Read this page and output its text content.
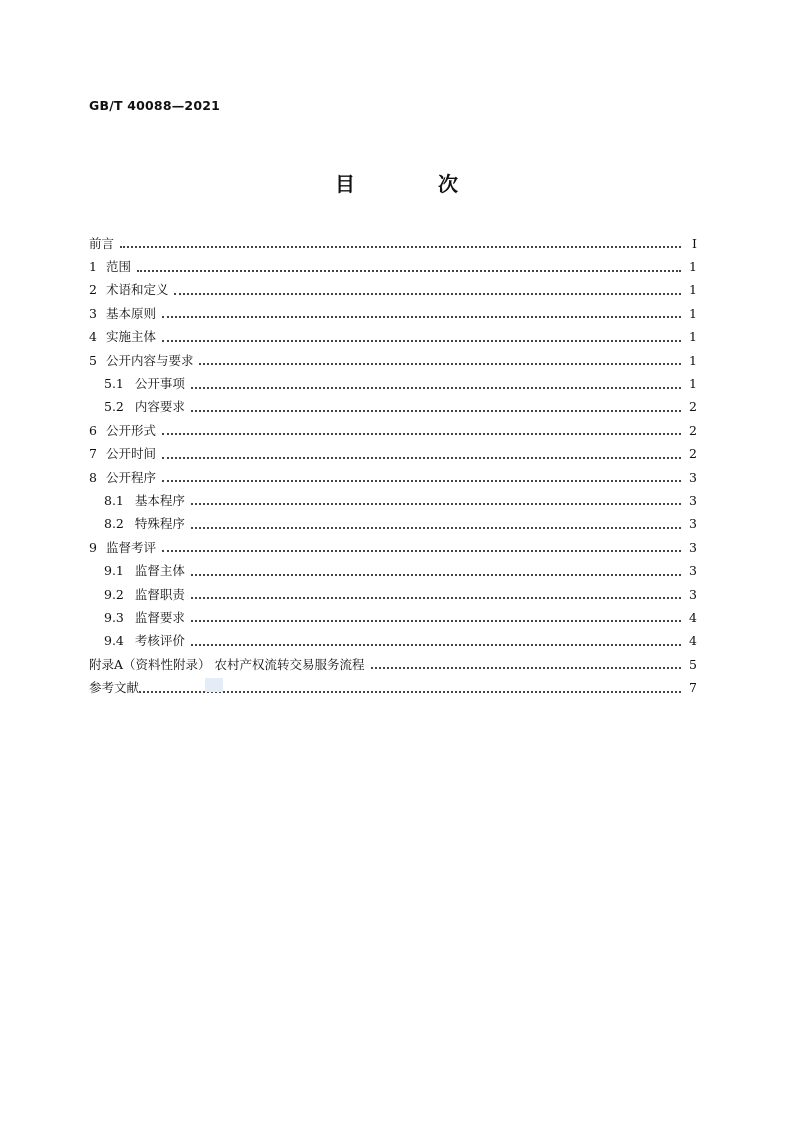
GB/T 40088—2021
目 次
前言	Ⅰ
1 范围	1
2 术语和定义	1
3 基本原则	1
4 实施主体	1
5 公开内容与要求	1
5.1 公开事项	1
5.2 内容要求	2
6 公开形式	2
7 公开时间	2
8 公开程序	3
8.1 基本程序	3
8.2 特殊程序	3
9 监督考评	3
9.1 监督主体	3
9.2 监督职责	3
9.3 监督要求	4
9.4 考核评价	4
附录A（资料性附录） 农村产权流转交易服务流程	5
参考文献	7
